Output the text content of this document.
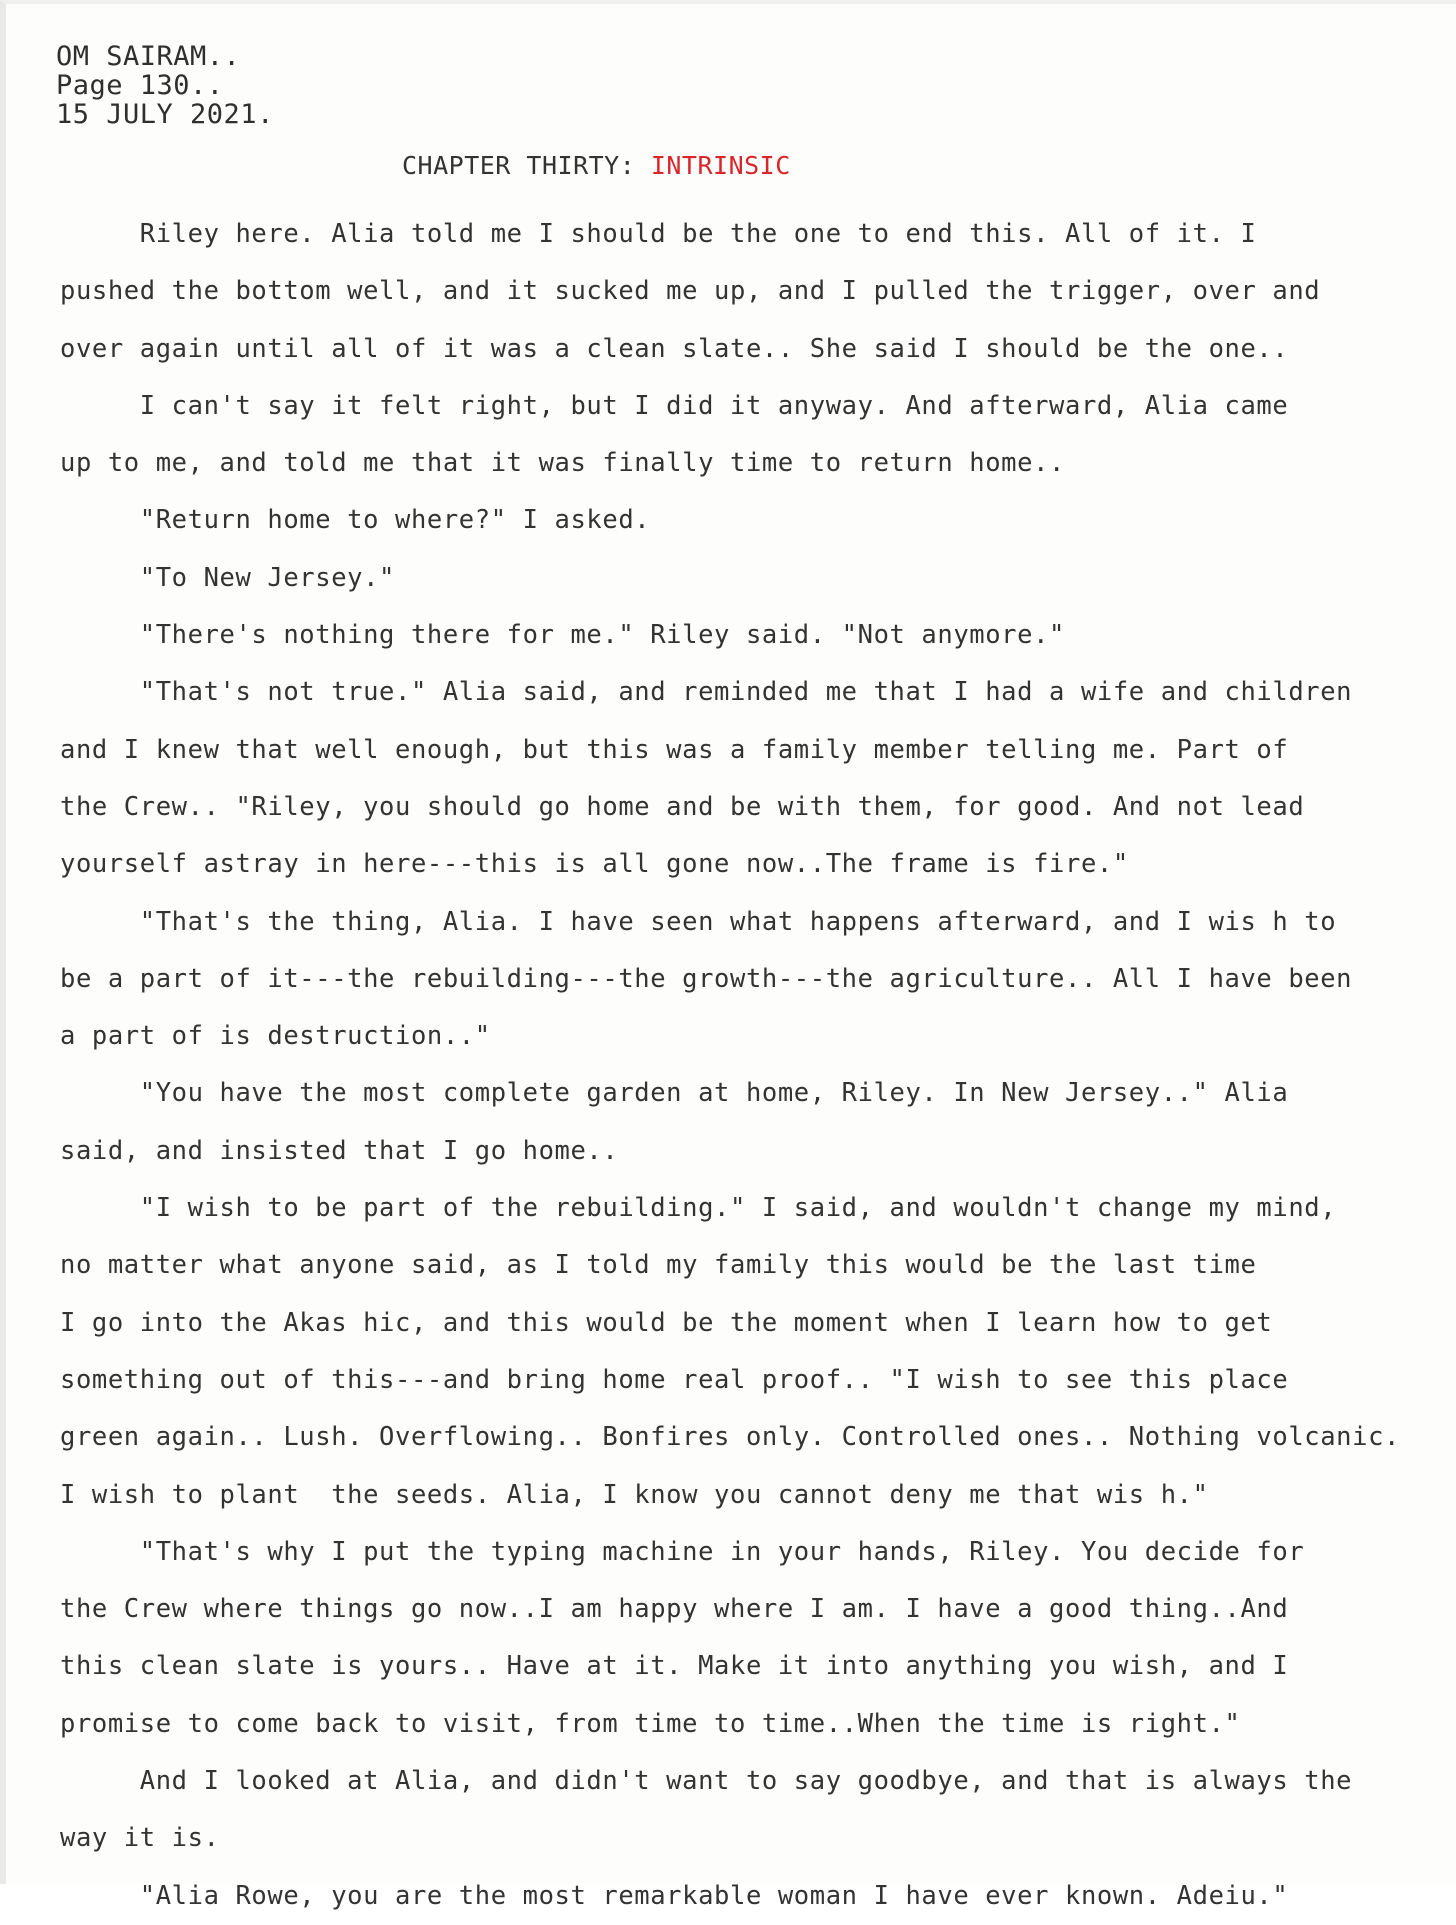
OM SAIRAM..
Page 130..
15 JULY 2021.
CHAPTER THIRTY: INTRINSIC
Riley here. Alia told me I should be the one to end this. All of it. I
pushed the bottom well, and it sucked me up, and I pulled the trigger, over and
over again until all of it was a clean slate.. She said I should be the one..
I can't say it felt right, but I did it anyway. And afterward, Alia came
up to me, and told me that it was finally time to return home..
"Return home to where?" I asked.
"To New Jersey."
"There's nothing there for me." Riley said. "Not anymore."
"That's not true." Alia said, and reminded me that I had a wife and children
and I knew that well enough, but this was a family member telling me. Part of
the Crew.. "Riley, you should go home and be with them, for good. And not lead
yourself astray in here---this is all gone now..The frame is fire."
"That's the thing, Alia. I have seen what happens afterward, and I wis h to
be a part of it---the rebuilding---the growth---the agriculture.. All I have been
a part of is destruction.."
"You have the most complete garden at home, Riley. In New Jersey.." Alia
said, and insisted that I go home..
"I wish to be part of the rebuilding." I said, and wouldn't change my mind,
no matter what anyone said, as I told my family this would be the last time
I go into the Akas hic, and this would be the moment when I learn how to get
something out of this---and bring home real proof.. "I wish to see this place
green again.. Lush. Overflowing.. Bonfires only. Controlled ones.. Nothing volcanic.
I wish to plant  the seeds. Alia, I know you cannot deny me that wis h."
"That's why I put the typing machine in your hands, Riley. You decide for
the Crew where things go now..I am happy where I am. I have a good thing..And
this clean slate is yours.. Have at it. Make it into anything you wish, and I
promise to come back to visit, from time to time..When the time is right."
And I looked at Alia, and didn't want to say goodbye, and that is always the
way it is.
"Alia Rowe, you are the most remarkable woman I have ever known. Adeiu."
